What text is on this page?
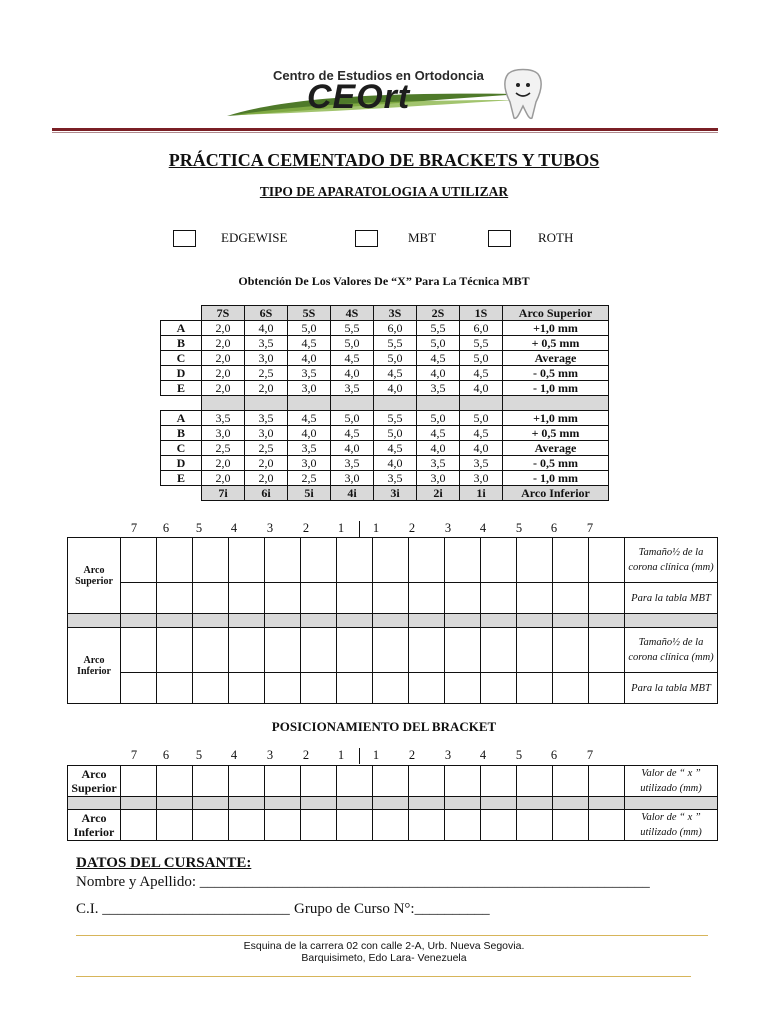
Centro de Estudios en Ortodoncia
CEOrt
PRÁCTICA CEMENTADO DE BRACKETS Y TUBOS
TIPO DE APARATOLOGIA A UTILIZAR
EDGEWISE	MBT	ROTH
Obtención De Los Valores De “X” Para La Técnica MBT
	7S	6S	5S	4S	3S	2S	1S	Arco Superior
A	2,0	4,0	5,0	5,5	6,0	5,5	6,0	+1,0 mm
B	2,0	3,5	4,5	5,0	5,5	5,0	5,5	+ 0,5 mm
C	2,0	3,0	4,0	4,5	5,0	4,5	5,0	Average
D	2,0	2,5	3,5	4,0	4,5	4,0	4,5	- 0,5 mm
E	2,0	2,0	3,0	3,5	4,0	3,5	4,0	- 1,0 mm

A	3,5	3,5	4,5	5,0	5,5	5,0	5,0	+1,0 mm
B	3,0	3,0	4,0	4,5	5,0	4,5	4,5	+ 0,5 mm
C	2,5	2,5	3,5	4,0	4,5	4,0	4,0	Average
D	2,0	2,0	3,0	3,5	4,0	3,5	3,5	- 0,5 mm
E	2,0	2,0	2,5	3,0	3,5	3,0	3,0	- 1,0 mm
	7i	6i	5i	4i	3i	2i	1i	Arco Inferior
7	6	5	4	3	2	1	1	2	3	4	5	6	7
Arco Superior															Tamaño½ de la corona clínica (mm)
															Para la tabla MBT

Arco Inferior															Tamaño½ de la corona clínica (mm)
															Para la tabla MBT
POSICIONAMIENTO DEL BRACKET
7	6	5	4	3	2	1	1	2	3	4	5	6	7
Arco Superior															Valor de “ x ” utilizado (mm)

Arco Inferior															Valor de “ x ” utilizado (mm)
DATOS DEL CURSANTE:
Nombre y Apellido: ____________________________________________________________
C.I. _________________________ Grupo de Curso N°:__________
Esquina de la carrera 02 con calle 2-A, Urb. Nueva Segovia.
Barquisimeto, Edo Lara- Venezuela
